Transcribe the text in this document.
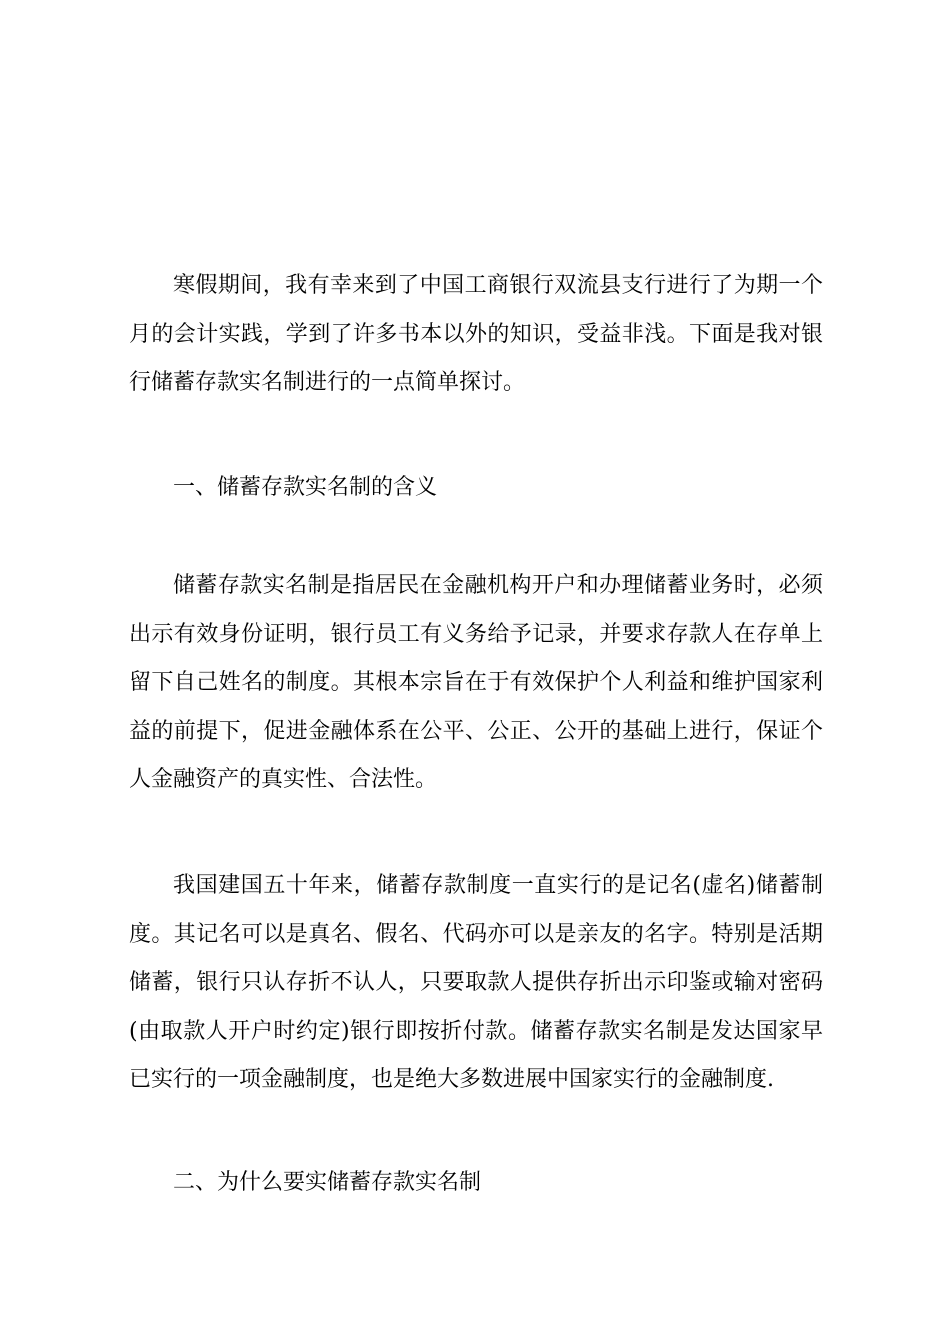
寒假期间，我有幸来到了中国工商银行双流县支行进行了为期一个月的会计实践，学到了许多书本以外的知识，受益非浅。下面是我对银行储蓄存款实名制进行的一点简单探讨。

一、储蓄存款实名制的含义

储蓄存款实名制是指居民在金融机构开户和办理储蓄业务时，必须出示有效身份证明，银行员工有义务给予记录，并要求存款人在存单上留下自己姓名的制度。其根本宗旨在于有效保护个人利益和维护国家利益的前提下，促进金融体系在公平、公正、公开的基础上进行，保证个人金融资产的真实性、合法性。

我国建国五十年来，储蓄存款制度一直实行的是记名(虚名)储蓄制度。其记名可以是真名、假名、代码亦可以是亲友的名字。特别是活期储蓄，银行只认存折不认人，只要取款人提供存折出示印鉴或输对密码(由取款人开户时约定)银行即按折付款。储蓄存款实名制是发达国家早已实行的一项金融制度，也是绝大多数进展中国家实行的金融制度.

二、为什么要实储蓄存款实名制
